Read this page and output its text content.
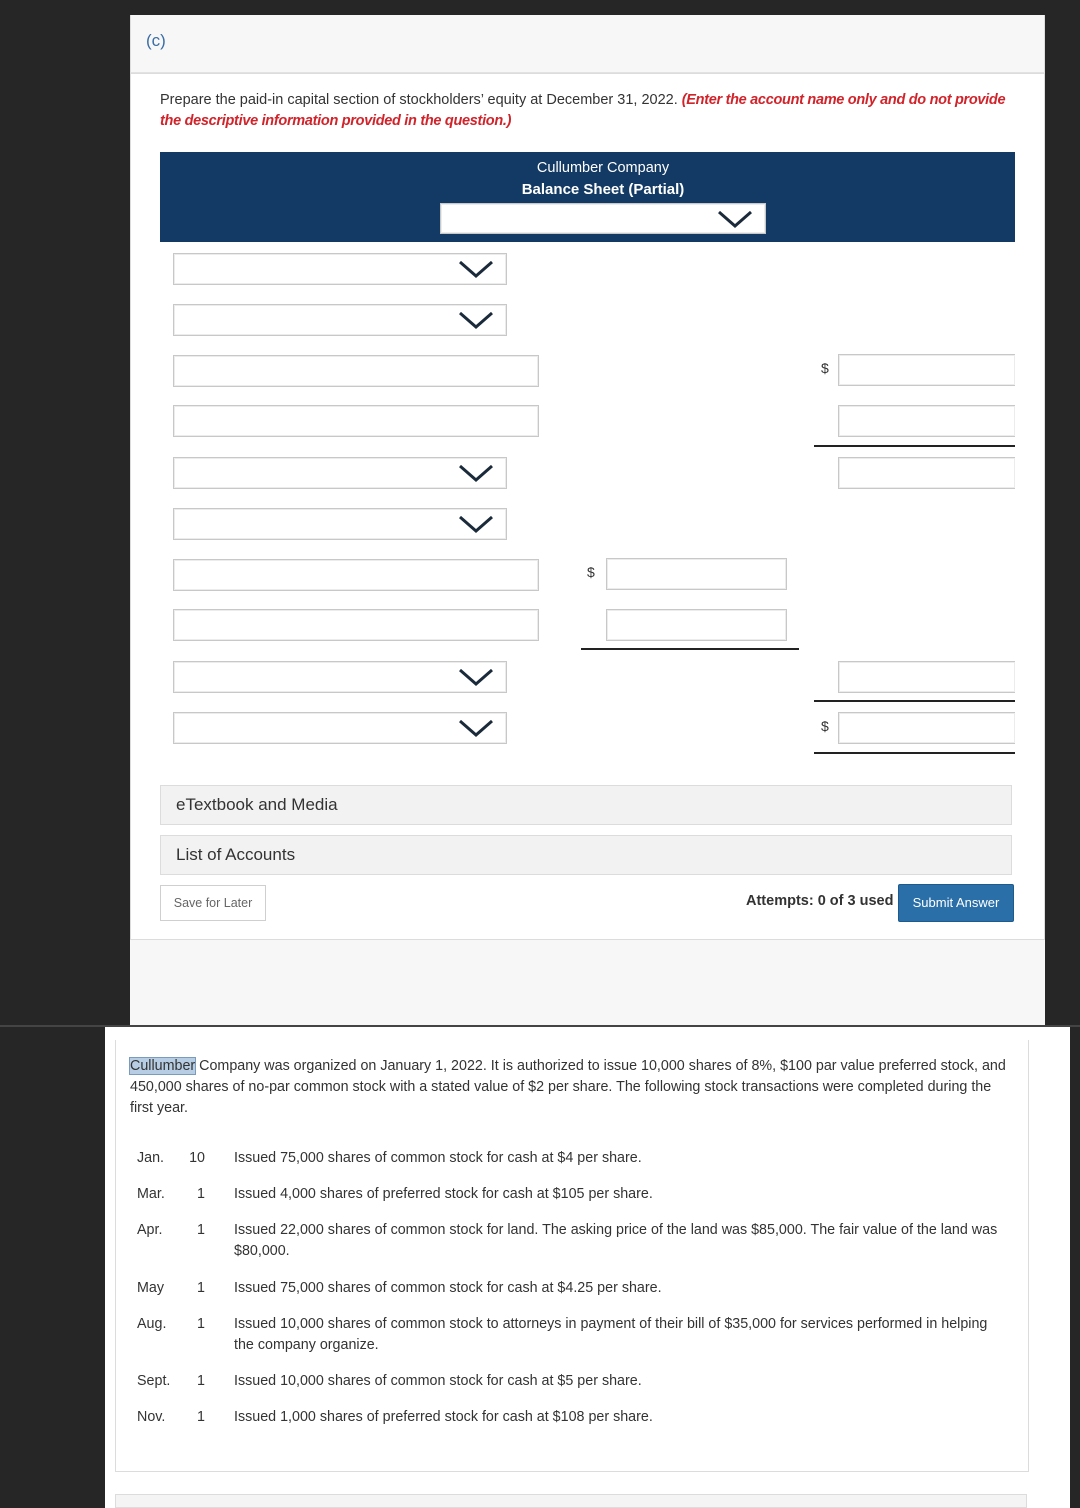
(c)
Prepare the paid-in capital section of stockholders’ equity at December 31, 2022. (Enter the account name only and do not provide the descriptive information provided in the question.)
Cullumber Company
Balance Sheet (Partial)
$
$
$
eTextbook and Media
List of Accounts
Save for Later	Attempts: 0 of 3 used	Submit Answer
Cullumber Company was organized on January 1, 2022. It is authorized to issue 10,000 shares of 8%, $100 par value preferred stock, and 450,000 shares of no-par common stock with a stated value of $2 per share. The following stock transactions were completed during the first year.
Jan. 10 Issued 75,000 shares of common stock for cash at $4 per share.
Mar.	1 Issued 4,000 shares of preferred stock for cash at $105 per share.
Apr.	1 Issued 22,000 shares of common stock for land. The asking price of the land was $85,000. The fair value of the land was $80,000.
May	1 Issued 75,000 shares of common stock for cash at $4.25 per share.
Aug.	1 Issued 10,000 shares of common stock to attorneys in payment of their bill of $35,000 for services performed in helping the company organize.
Sept.	1 Issued 10,000 shares of common stock for cash at $5 per share.
Nov.	1 Issued 1,000 shares of preferred stock for cash at $108 per share.
